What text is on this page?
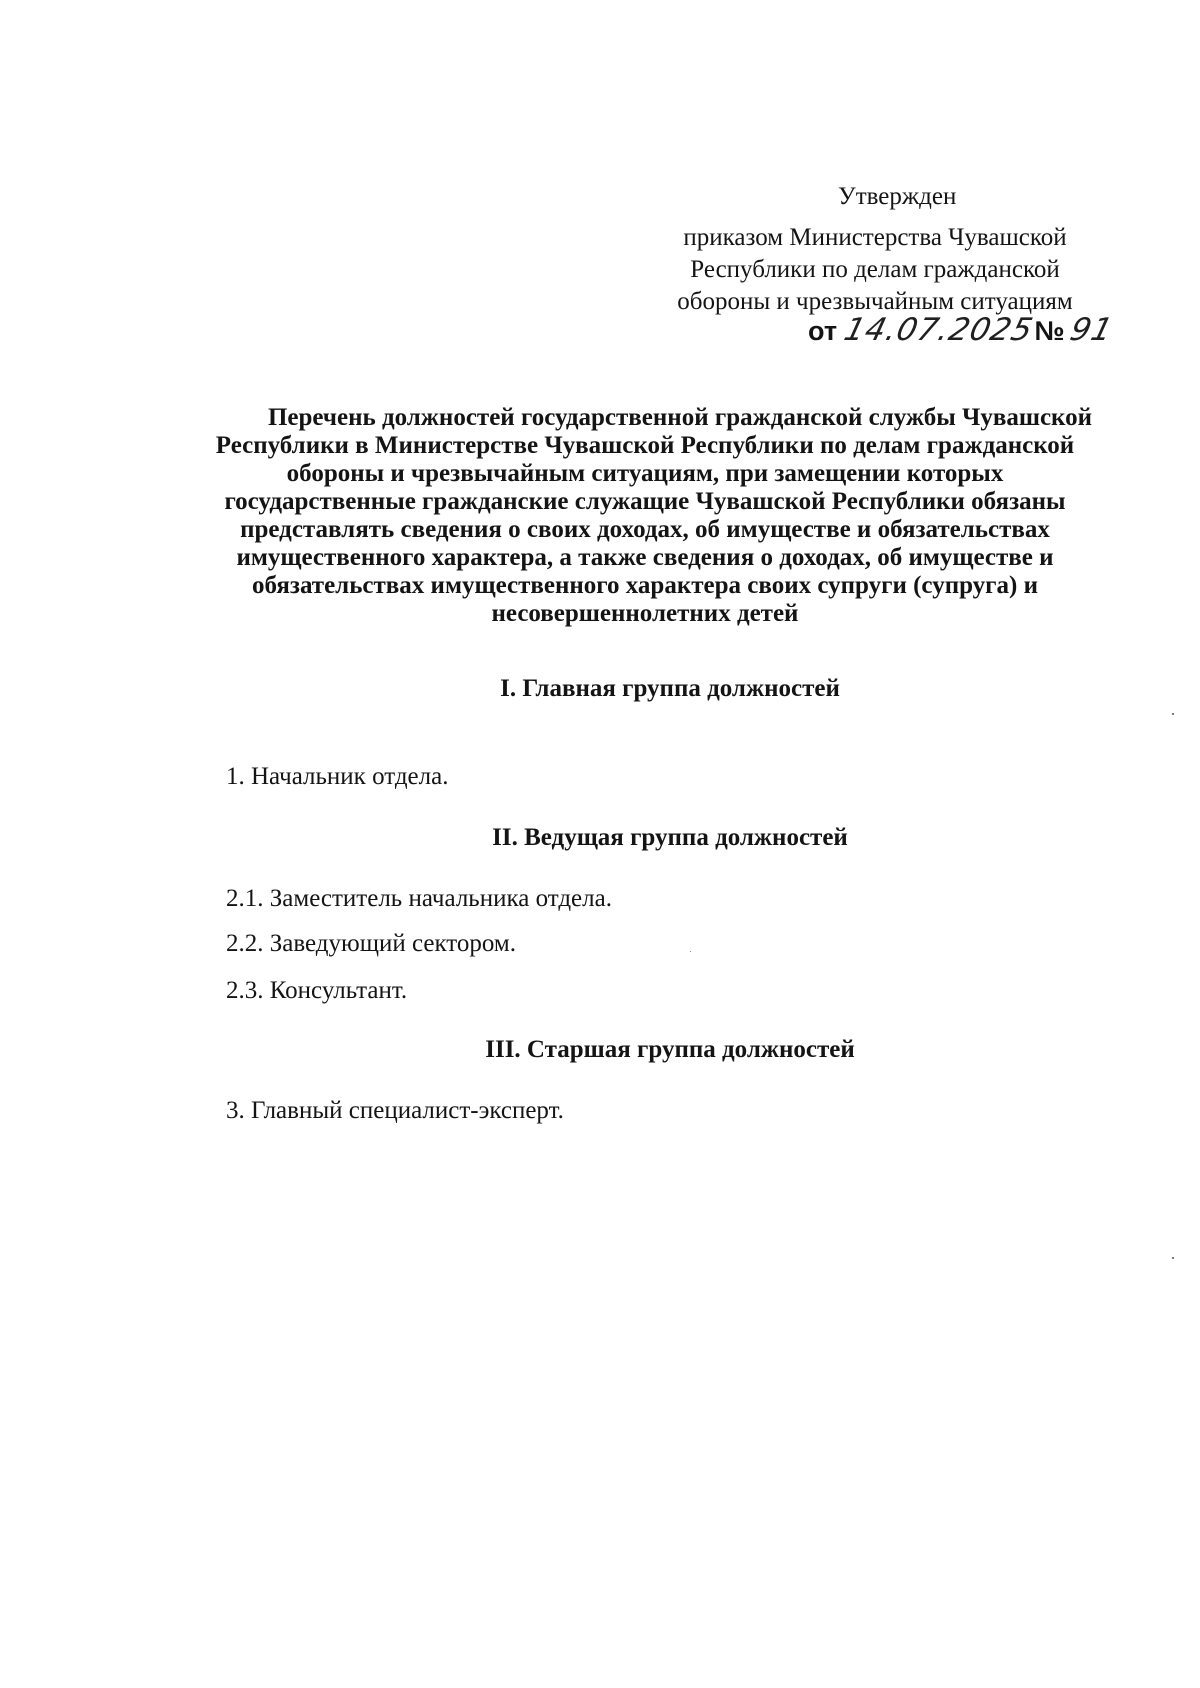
Утвержден
приказом Министерства Чувашской Республики по делам гражданской обороны и чрезвычайным ситуациям
от 14.07.2025№91
Перечень должностей государственной гражданской службы Чувашской
Республики в Министерстве Чувашской Республики по делам гражданской
обороны и чрезвычайным ситуациям, при замещении которых
государственные гражданские служащие Чувашской Республики обязаны
представлять сведения о своих доходах, об имуществе и обязательствах
имущественного характера, а также сведения о доходах, об имуществе и
обязательствах имущественного характера своих супруги (супруга) и
несовершеннолетних детей
I. Главная группа должностей
1. Начальник отдела.
II. Ведущая группа должностей
2.1. Заместитель начальника отдела.
2.2. Заведующий сектором.
2.3. Консультант.
III. Старшая группа должностей
3. Главный специалист-эксперт.
